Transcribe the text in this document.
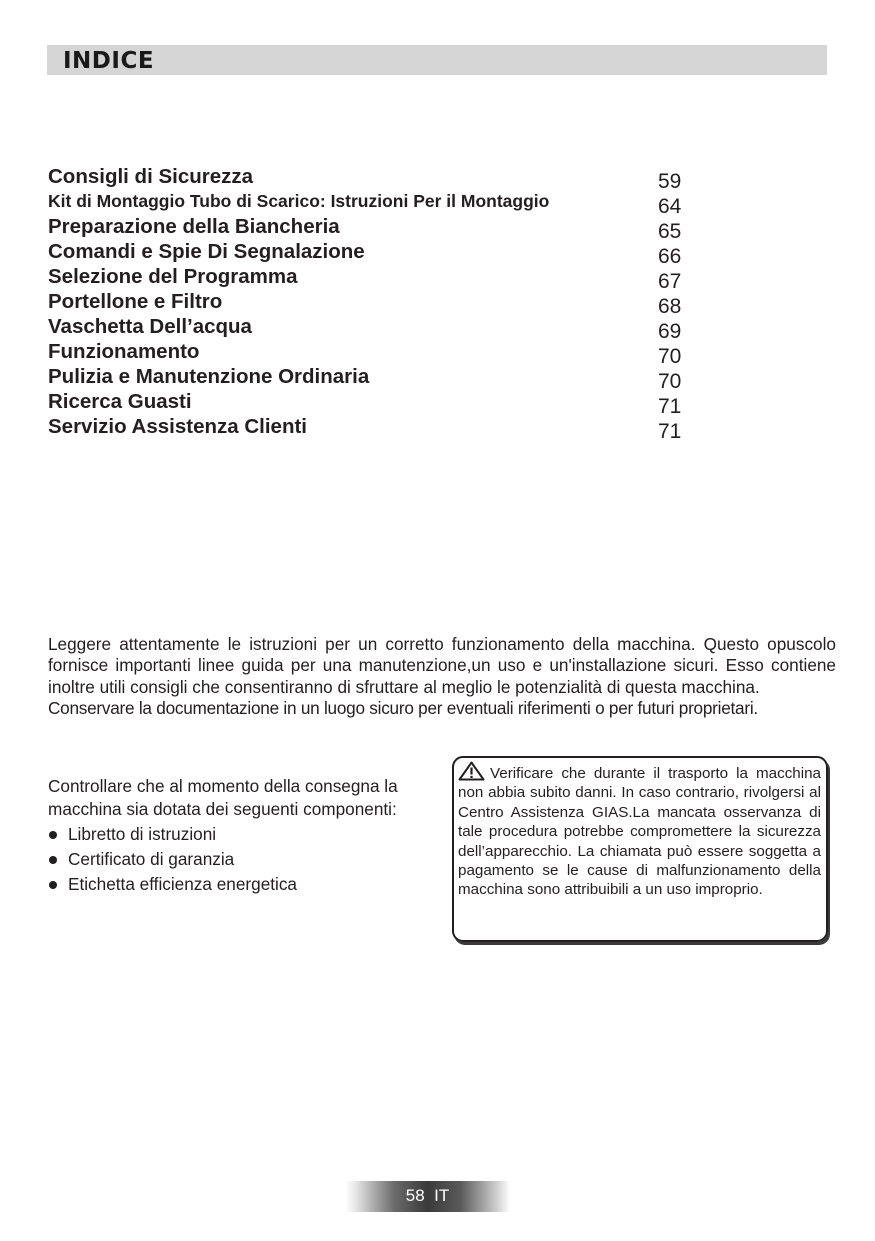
INDICE
Consigli di Sicurezza
Kit di Montaggio Tubo di Scarico: Istruzioni Per il Montaggio
Preparazione della Biancheria
Comandi e Spie Di Segnalazione
Selezione del Programma
Portellone e Filtro
Vaschetta Dell’acqua
Funzionamento
Pulizia e Manutenzione Ordinaria
Ricerca Guasti
Servizio Assistenza Clienti
59
64
65
66
67
68
69
70
70
71
71

Leggere attentamente le istruzioni per un corretto funzionamento della macchina. Questo opuscolo fornisce importanti linee guida per una manutenzione,un uso e un'installazione sicuri. Esso contiene inoltre utili consigli che consentiranno di sfruttare al meglio le potenzialità di questa macchina.

Conservare la documentazione in un luogo sicuro per eventuali riferimenti o per futuri proprietari.

Controllare che al momento della consegna la macchina sia dotata dei seguenti componenti:

Libretto di istruzioni
Certificato di garanzia
Etichetta efficienza energetica
Verificare che durante il trasporto la macchina non abbia subito danni. In caso contrario, rivolgersi al Centro Assistenza GIAS.La mancata osservanza di tale procedura potrebbe compromettere la sicurezza dell’apparecchio. La chiamata può essere soggetta a pagamento se le cause di malfunzionamento della macchina sono attribuibili a un uso improprio.
58 IT
